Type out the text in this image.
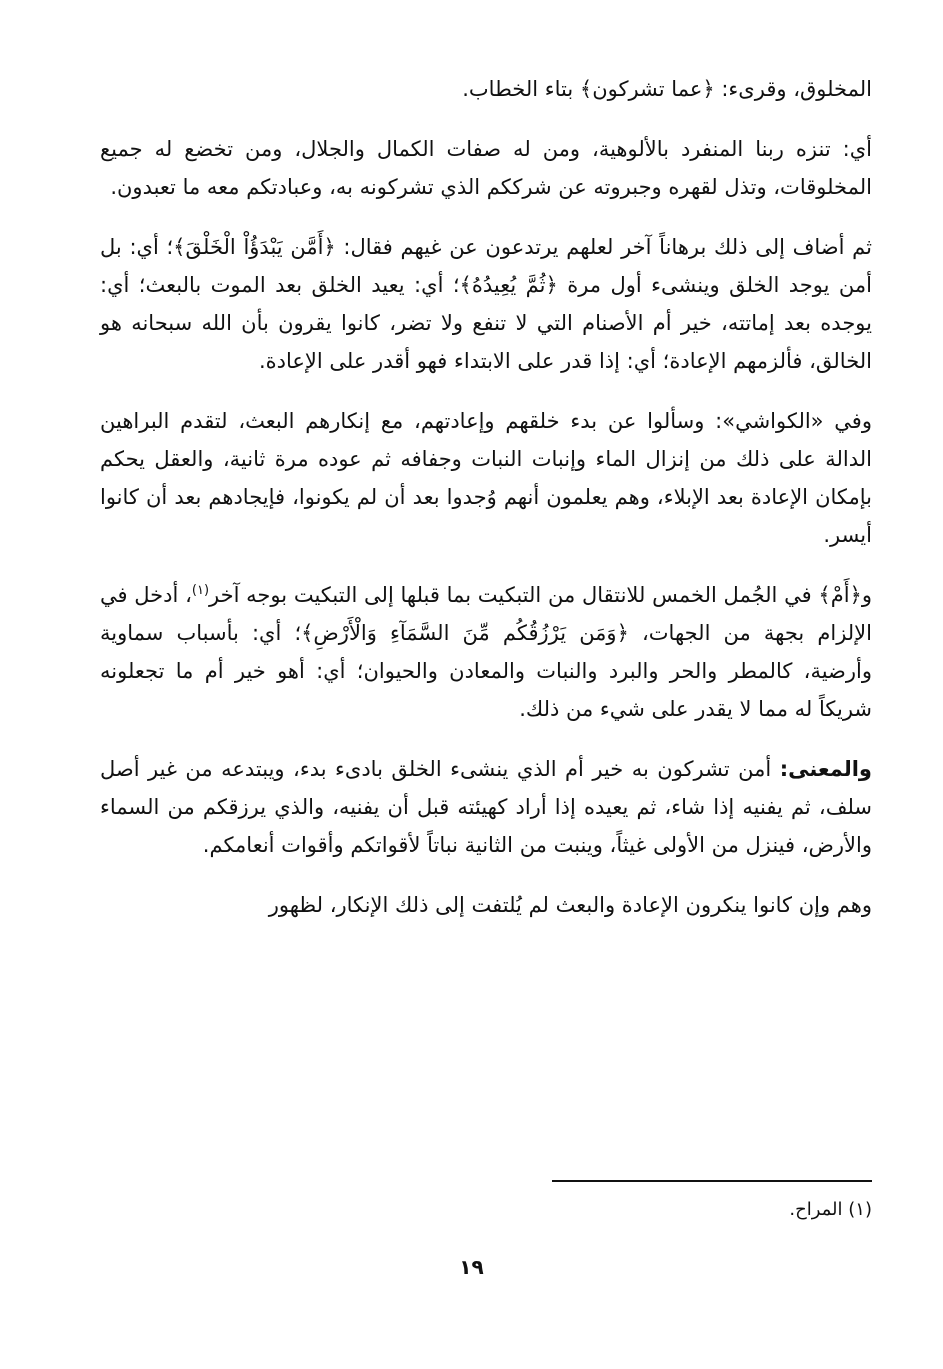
المخلوق، وقرىء: ﴿عما تشركون﴾ بتاء الخطاب.

أي: تنزه ربنا المنفرد بالألوهية، ومن له صفات الكمال والجلال، ومن تخضع له جميع المخلوقات، وتذل لقهره وجبروته عن شرككم الذي تشركونه به، وعبادتكم معه ما تعبدون.

ثم أضاف إلى ذلك برهاناً آخر لعلهم يرتدعون عن غيهم فقال: ﴿أَمَّن يَبْدَؤُاْ الْخَلْقَ﴾؛ أي: بل أمن يوجد الخلق وينشىء أول مرة ﴿ثُمَّ يُعِيدُهُ﴾؛ أي: يعيد الخلق بعد الموت بالبعث؛ أي: يوجده بعد إماتته، خير أم الأصنام التي لا تنفع ولا تضر، كانوا يقرون بأن الله سبحانه هو الخالق، فألزمهم الإعادة؛ أي: إذا قدر على الابتداء فهو أقدر على الإعادة.

وفي «الكواشي»: وسألوا عن بدء خلقهم وإعادتهم، مع إنكارهم البعث، لتقدم البراهين الدالة على ذلك من إنزال الماء وإنبات النبات وجفافه ثم عوده مرة ثانية، والعقل يحكم بإمكان الإعادة بعد الإبلاء، وهم يعلمون أنهم وُجدوا بعد أن لم يكونوا، فإيجادهم بعد أن كانوا أيسر.

و﴿أَمْ﴾ في الجُمل الخمس للانتقال من التبكيت بما قبلها إلى التبكيت بوجه آخر$^{(١)}$، أدخل في الإلزام بجهة من الجهات، ﴿وَمَن يَرْزُقُكُم مِّنَ السَّمَآءِ وَالْأَرْضِ﴾؛ أي: بأسباب سماوية وأرضية، كالمطر والحر والبرد والنبات والمعادن والحيوان؛ أي: أهو خير أم ما تجعلونه شريكاً له مما لا يقدر على شيء من ذلك.

والمعنى: أمن تشركون به خير أم الذي ينشىء الخلق بادىء بدء، ويبتدعه من غير أصل سلف، ثم يفنيه إذا شاء، ثم يعيده إذا أراد كهيئته قبل أن يفنيه، والذي يرزقكم من السماء والأرض، فينزل من الأولى غيثاً، وينبت من الثانية نباتاً لأقواتكم وأقوات أنعامكم.

وهم وإن كانوا ينكرون الإعادة والبعث لم يُلتفت إلى ذلك الإنكار، لظهور

(١) المراح.
١٩
